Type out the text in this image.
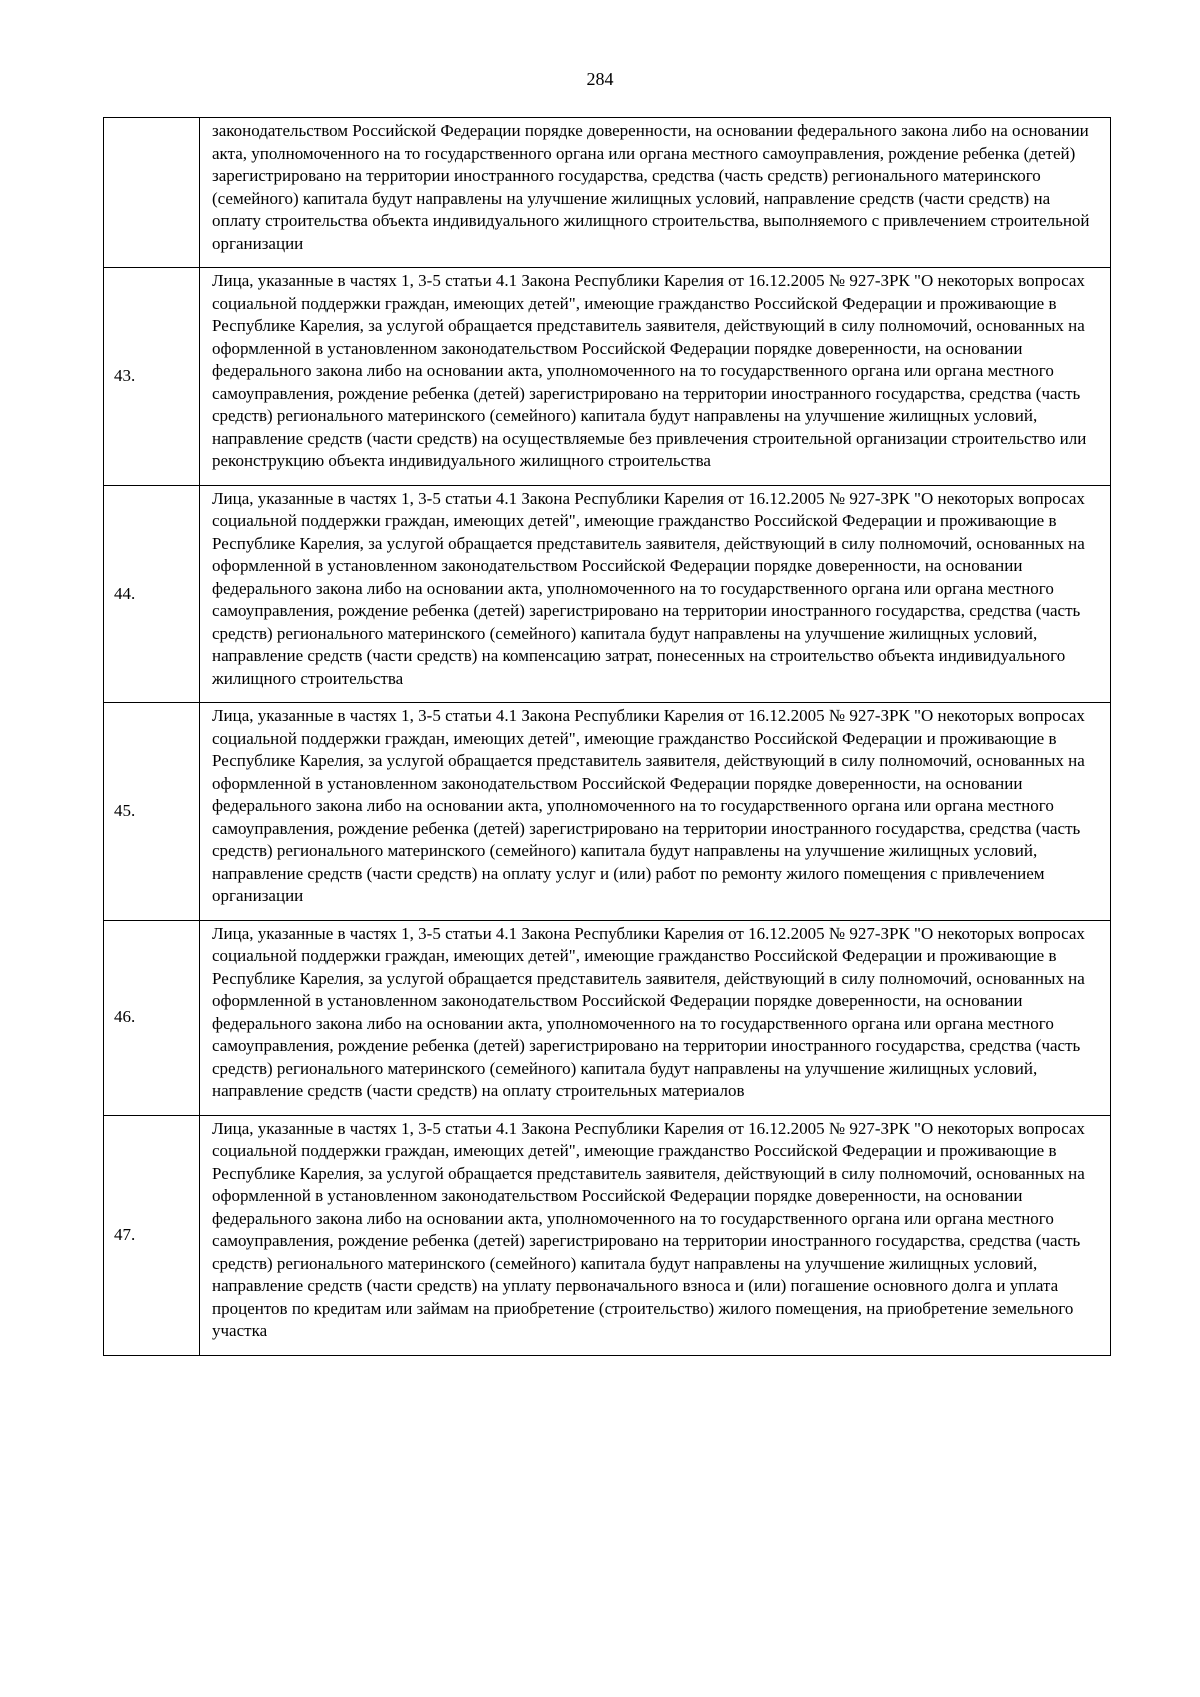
284
	законодательством Российской Федерации порядке доверенности, на основании федерального закона либо на основании акта, уполномоченного на то государственного органа или органа местного самоуправления, рождение ребенка (детей) зарегистрировано на территории иностранного государства, средства (часть средств) регионального материнского (семейного) капитала будут направлены на улучшение жилищных условий, направление средств (части средств) на оплату строительства объекта индивидуального жилищного строительства, выполняемого с привлечением строительной организации
43.	Лица, указанные в частях 1, 3-5 статьи 4.1 Закона Республики Карелия от 16.12.2005 № 927-ЗРК "О некоторых вопросах социальной поддержки граждан, имеющих детей", имеющие гражданство Российской Федерации и проживающие в Республике Карелия, за услугой обращается представитель заявителя, действующий в силу полномочий, основанных на оформленной в установленном законодательством Российской Федерации порядке доверенности, на основании федерального закона либо на основании акта, уполномоченного на то государственного органа или органа местного самоуправления, рождение ребенка (детей) зарегистрировано на территории иностранного государства, средства (часть средств) регионального материнского (семейного) капитала будут направлены на улучшение жилищных условий, направление средств (части средств) на осуществляемые без привлечения строительной организации строительство или реконструкцию объекта индивидуального жилищного строительства
44.	Лица, указанные в частях 1, 3-5 статьи 4.1 Закона Республики Карелия от 16.12.2005 № 927-ЗРК "О некоторых вопросах социальной поддержки граждан, имеющих детей", имеющие гражданство Российской Федерации и проживающие в Республике Карелия, за услугой обращается представитель заявителя, действующий в силу полномочий, основанных на оформленной в установленном законодательством Российской Федерации порядке доверенности, на основании федерального закона либо на основании акта, уполномоченного на то государственного органа или органа местного самоуправления, рождение ребенка (детей) зарегистрировано на территории иностранного государства, средства (часть средств) регионального материнского (семейного) капитала будут направлены на улучшение жилищных условий, направление средств (части средств) на компенсацию затрат, понесенных на строительство объекта индивидуального жилищного строительства
45.	Лица, указанные в частях 1, 3-5 статьи 4.1 Закона Республики Карелия от 16.12.2005 № 927-ЗРК "О некоторых вопросах социальной поддержки граждан, имеющих детей", имеющие гражданство Российской Федерации и проживающие в Республике Карелия, за услугой обращается представитель заявителя, действующий в силу полномочий, основанных на оформленной в установленном законодательством Российской Федерации порядке доверенности, на основании федерального закона либо на основании акта, уполномоченного на то государственного органа или органа местного самоуправления, рождение ребенка (детей) зарегистрировано на территории иностранного государства, средства (часть средств) регионального материнского (семейного) капитала будут направлены на улучшение жилищных условий, направление средств (части средств) на оплату услуг и (или) работ по ремонту жилого помещения с привлечением организации
46.	Лица, указанные в частях 1, 3-5 статьи 4.1 Закона Республики Карелия от 16.12.2005 № 927-ЗРК "О некоторых вопросах социальной поддержки граждан, имеющих детей", имеющие гражданство Российской Федерации и проживающие в Республике Карелия, за услугой обращается представитель заявителя, действующий в силу полномочий, основанных на оформленной в установленном законодательством Российской Федерации порядке доверенности, на основании федерального закона либо на основании акта, уполномоченного на то государственного органа или органа местного самоуправления, рождение ребенка (детей) зарегистрировано на территории иностранного государства, средства (часть средств) регионального материнского (семейного) капитала будут направлены на улучшение жилищных условий, направление средств (части средств) на оплату строительных материалов
47.	Лица, указанные в частях 1, 3-5 статьи 4.1 Закона Республики Карелия от 16.12.2005 № 927-ЗРК "О некоторых вопросах социальной поддержки граждан, имеющих детей", имеющие гражданство Российской Федерации и проживающие в Республике Карелия, за услугой обращается представитель заявителя, действующий в силу полномочий, основанных на оформленной в установленном законодательством Российской Федерации порядке доверенности, на основании федерального закона либо на основании акта, уполномоченного на то государственного органа или органа местного самоуправления, рождение ребенка (детей) зарегистрировано на территории иностранного государства, средства (часть средств) регионального материнского (семейного) капитала будут направлены на улучшение жилищных условий, направление средств (части средств) на уплату первоначального взноса и (или) погашение основного долга и уплата процентов по кредитам или займам на приобретение (строительство) жилого помещения, на приобретение земельного участка
